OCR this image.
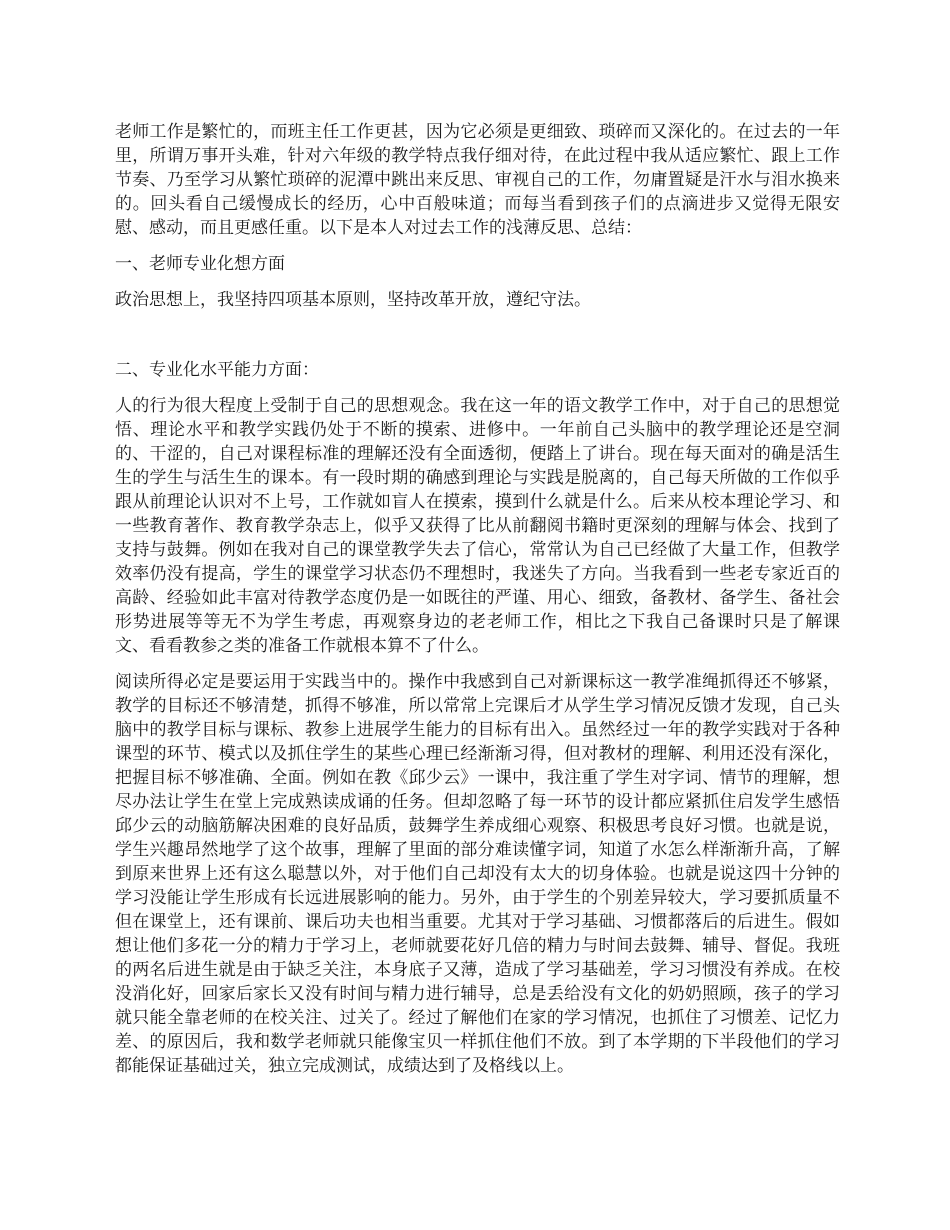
老师工作是繁忙的，而班主任工作更甚，因为它必须是更细致、琐碎而又深化的。在过去的一年里，所谓万事开头难，针对六年级的教学特点我仔细对待，在此过程中我从适应繁忙、跟上工作节奏、乃至学习从繁忙琐碎的泥潭中跳出来反思、审视自己的工作，勿庸置疑是汗水与泪水换来的。回头看自己缓慢成长的经历，心中百般味道；而每当看到孩子们的点滴进步又觉得无限安慰、感动，而且更感任重。以下是本人对过去工作的浅薄反思、总结：

一、老师专业化想方面

政治思想上，我坚持四项基本原则，坚持改革开放，遵纪守法。

二、专业化水平能力方面：

人的行为很大程度上受制于自己的思想观念。我在这一年的语文教学工作中，对于自己的思想觉悟、理论水平和教学实践仍处于不断的摸索、进修中。一年前自己头脑中的教学理论还是空洞的、干涩的，自己对课程标准的理解还没有全面透彻，便踏上了讲台。现在每天面对的确是活生生的学生与活生生的课本。有一段时期的确感到理论与实践是脱离的，自己每天所做的工作似乎跟从前理论认识对不上号，工作就如盲人在摸索，摸到什么就是什么。后来从校本理论学习、和一些教育著作、教育教学杂志上，似乎又获得了比从前翻阅书籍时更深刻的理解与体会、找到了支持与鼓舞。例如在我对自己的课堂教学失去了信心，常常认为自己已经做了大量工作，但教学效率仍没有提高，学生的课堂学习状态仍不理想时，我迷失了方向。当我看到一些老专家近百的高龄、经验如此丰富对待教学态度仍是一如既往的严谨、用心、细致，备教材、备学生、备社会形势进展等等无不为学生考虑，再观察身边的老老师工作，相比之下我自己备课时只是了解课文、看看教参之类的准备工作就根本算不了什么。

阅读所得必定是要运用于实践当中的。操作中我感到自己对新课标这一教学准绳抓得还不够紧，教学的目标还不够清楚，抓得不够准，所以常常上完课后才从学生学习情况反馈才发现，自己头脑中的教学目标与课标、教参上进展学生能力的目标有出入。虽然经过一年的教学实践对于各种课型的环节、模式以及抓住学生的某些心理已经渐渐习得，但对教材的理解、利用还没有深化，把握目标不够准确、全面。例如在教《邱少云》一课中，我注重了学生对字词、情节的理解，想尽办法让学生在堂上完成熟读成诵的任务。但却忽略了每一环节的设计都应紧抓住启发学生感悟邱少云的动脑筋解决困难的良好品质，鼓舞学生养成细心观察、积极思考良好习惯。也就是说，学生兴趣昂然地学了这个故事，理解了里面的部分难读懂字词，知道了水怎么样渐渐升高，了解到原来世界上还有这么聪慧以外，对于他们自己却没有太大的切身体验。也就是说这四十分钟的学习没能让学生形成有长远进展影响的能力。另外，由于学生的个别差异较大，学习要抓质量不但在课堂上，还有课前、课后功夫也相当重要。尤其对于学习基础、习惯都落后的后进生。假如想让他们多花一分的精力于学习上，老师就要花好几倍的精力与时间去鼓舞、辅导、督促。我班的两名后进生就是由于缺乏关注，本身底子又薄，造成了学习基础差，学习习惯没有养成。在校没消化好，回家后家长又没有时间与精力进行辅导，总是丢给没有文化的奶奶照顾，孩子的学习就只能全靠老师的在校关注、过关了。经过了解他们在家的学习情况，也抓住了习惯差、记忆力差、的原因后，我和数学老师就只能像宝贝一样抓住他们不放。到了本学期的下半段他们的学习都能保证基础过关，独立完成测试，成绩达到了及格线以上。
